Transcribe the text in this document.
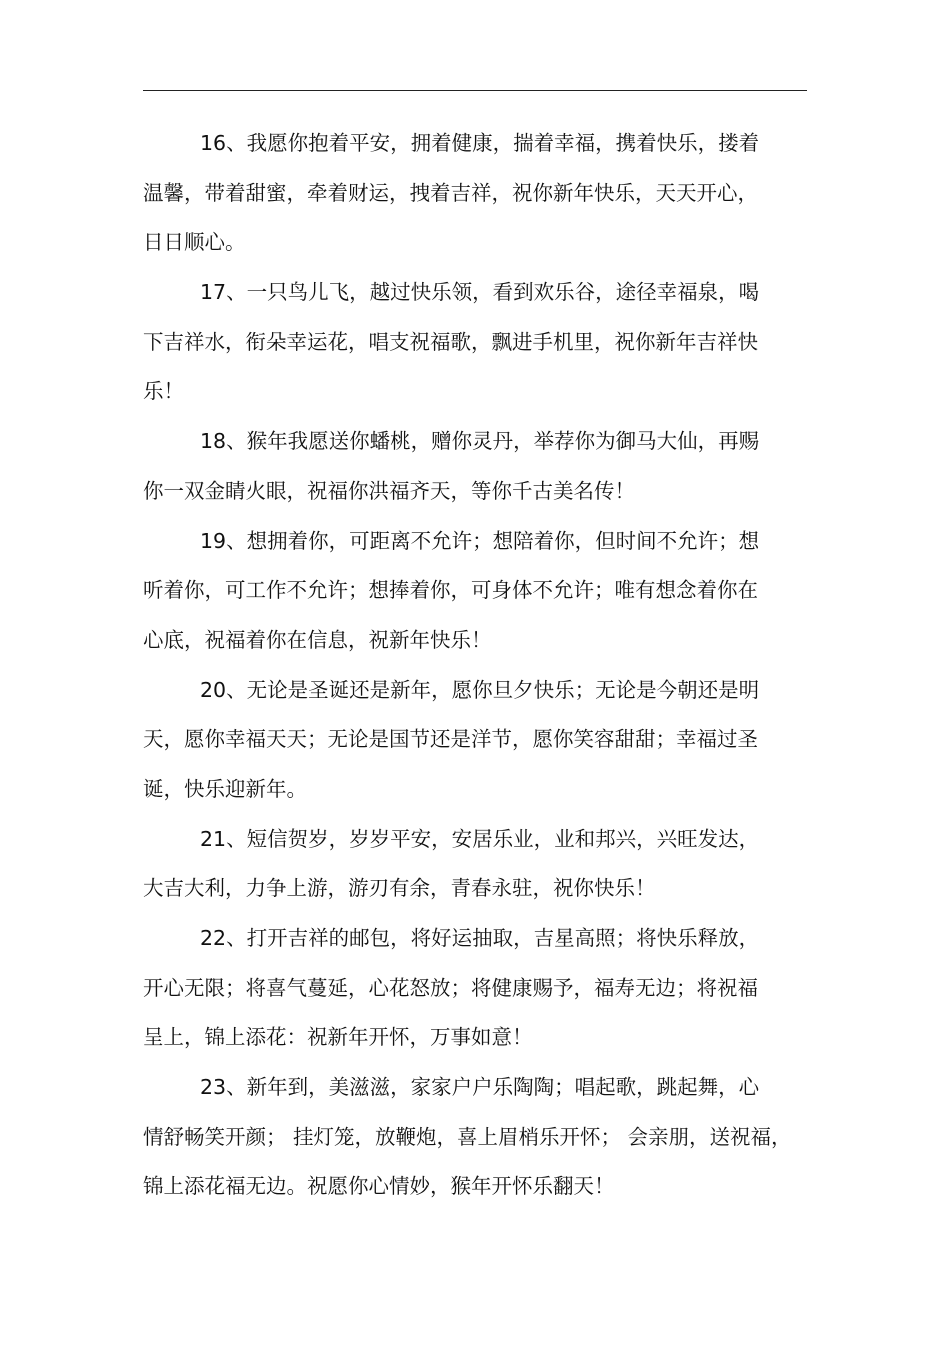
16、我愿你抱着平安，拥着健康，揣着幸福，携着快乐，搂着
温馨，带着甜蜜，牵着财运，拽着吉祥，祝你新年快乐，天天开心，
日日顺心。
17、一只鸟儿飞，越过快乐领，看到欢乐谷，途径幸福泉，喝
下吉祥水，衔朵幸运花，唱支祝福歌，飘进手机里，祝你新年吉祥快
乐！
18、猴年我愿送你蟠桃，赠你灵丹，举荐你为御马大仙，再赐
你一双金睛火眼，祝福你洪福齐天，等你千古美名传！
19、想拥着你，可距离不允许；想陪着你，但时间不允许；想
听着你，可工作不允许；想捧着你，可身体不允许；唯有想念着你在
心底，祝福着你在信息，祝新年快乐！
20、无论是圣诞还是新年，愿你旦夕快乐；无论是今朝还是明
天，愿你幸福天天；无论是国节还是洋节，愿你笑容甜甜；幸福过圣
诞，快乐迎新年。
21、短信贺岁，岁岁平安，安居乐业，业和邦兴，兴旺发达，
大吉大利，力争上游，游刃有余，青春永驻，祝你快乐！
22、打开吉祥的邮包，将好运抽取，吉星高照；将快乐释放，
开心无限；将喜气蔓延，心花怒放；将健康赐予，福寿无边；将祝福
呈上，锦上添花：祝新年开怀，万事如意！
23、新年到，美滋滋，家家户户乐陶陶；唱起歌，跳起舞，心
情舒畅笑开颜； 挂灯笼，放鞭炮，喜上眉梢乐开怀； 会亲朋，送祝福，
锦上添花福无边。祝愿你心情妙，猴年开怀乐翻天！
